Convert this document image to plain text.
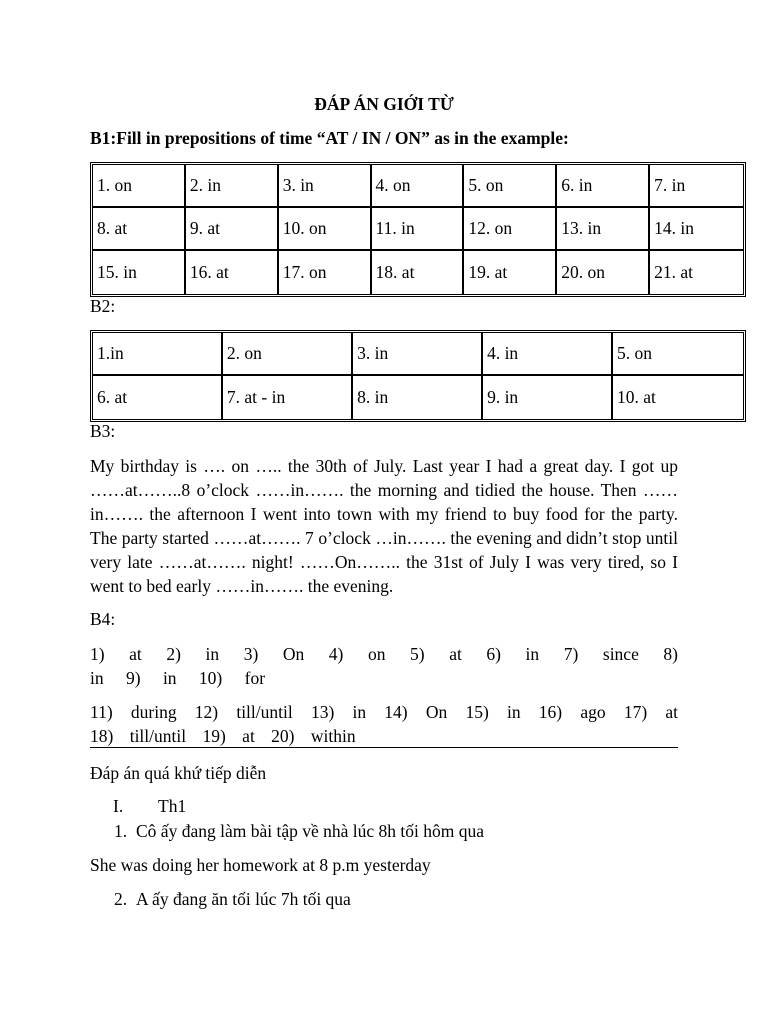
ĐÁP ÁN GIỚI TỪ
B1:Fill in prepositions of time “AT / IN / ON” as in the example:
1. on	2. in	3. in	4. on	5. on	6. in	7. in
8. at	9. at	10. on	11. in	12. on	13. in	14. in
15. in	16. at	17. on	18. at	19. at	20. on	21. at
B2:
1.in	2. on	3. in	4. in	5. on
6. at	7. at - in	8. in	9. in	10. at
B3:
My birthday is …. on ….. the 30th of July. Last year I had a great day. I got up ……at……..8 o’clock ……in……. the morning and tidied the house. Then ……in……. the afternoon I went into town with my friend to buy food for the party. The party started ……at……. 7 o’clock …in……. the evening and didn’t stop until very late ……at……. night! ……On…….. the 31st of July I was very tired, so I went to bed early ……in……. the evening.
B4:
1) at 2) in 3) On 4) on 5) at 6) in 7) since 8) in 9) in 10) for
11) during 12) till/until 13) in 14) On 15) in 16) ago 17) at 18) till/until 19) at 20) within
Đáp án quá khứ tiếp diễn
I. Th1
1. Cô ấy đang làm bài tập về nhà lúc 8h tối hôm qua
She was doing her homework at 8 p.m yesterday
2. A ấy đang ăn tối lúc 7h tối qua
